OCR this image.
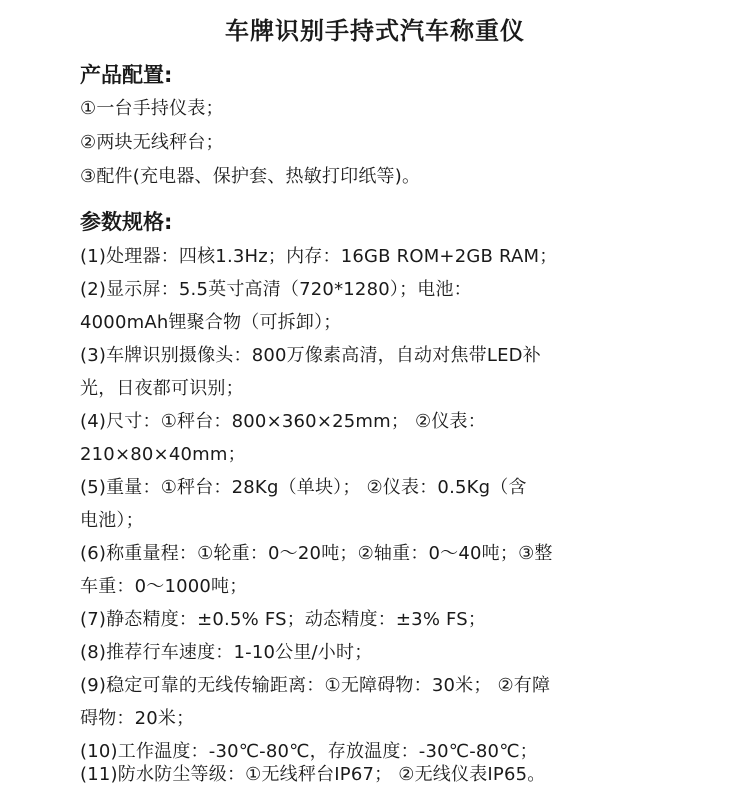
车牌识别手持式汽车称重仪
产品配置:
①一台手持仪表；
②两块无线秤台；
③配件(充电器、保护套、热敏打印纸等)。
参数规格:
(1)处理器：四核1.3Hz；内存：16GB ROM+2GB RAM；
(2)显示屏：5.5英寸高清（720*1280）；电池：
4000mAh锂聚合物（可拆卸）；
(3)车牌识别摄像头：800万像素高清，自动对焦带LED补
光，日夜都可识别；
(4)尺寸：①秤台：800×360×25mm； ②仪表：
210×80×40mm；
(5)重量：①秤台：28Kg（单块）； ②仪表：0.5Kg（含
电池）；
(6)称重量程：①轮重：0～20吨；②轴重：0～40吨；③整
车重：0～1000吨；
(7)静态精度：±0.5% FS；动态精度：±3% FS；
(8)推荐行车速度：1-10公里/小时；
(9)稳定可靠的无线传输距离：①无障碍物：30米； ②有障
碍物：20米；
(10)工作温度：-30℃-80℃，存放温度：-30℃-80℃；
(11)防水防尘等级：①无线秤台IP67； ②无线仪表IP65。
